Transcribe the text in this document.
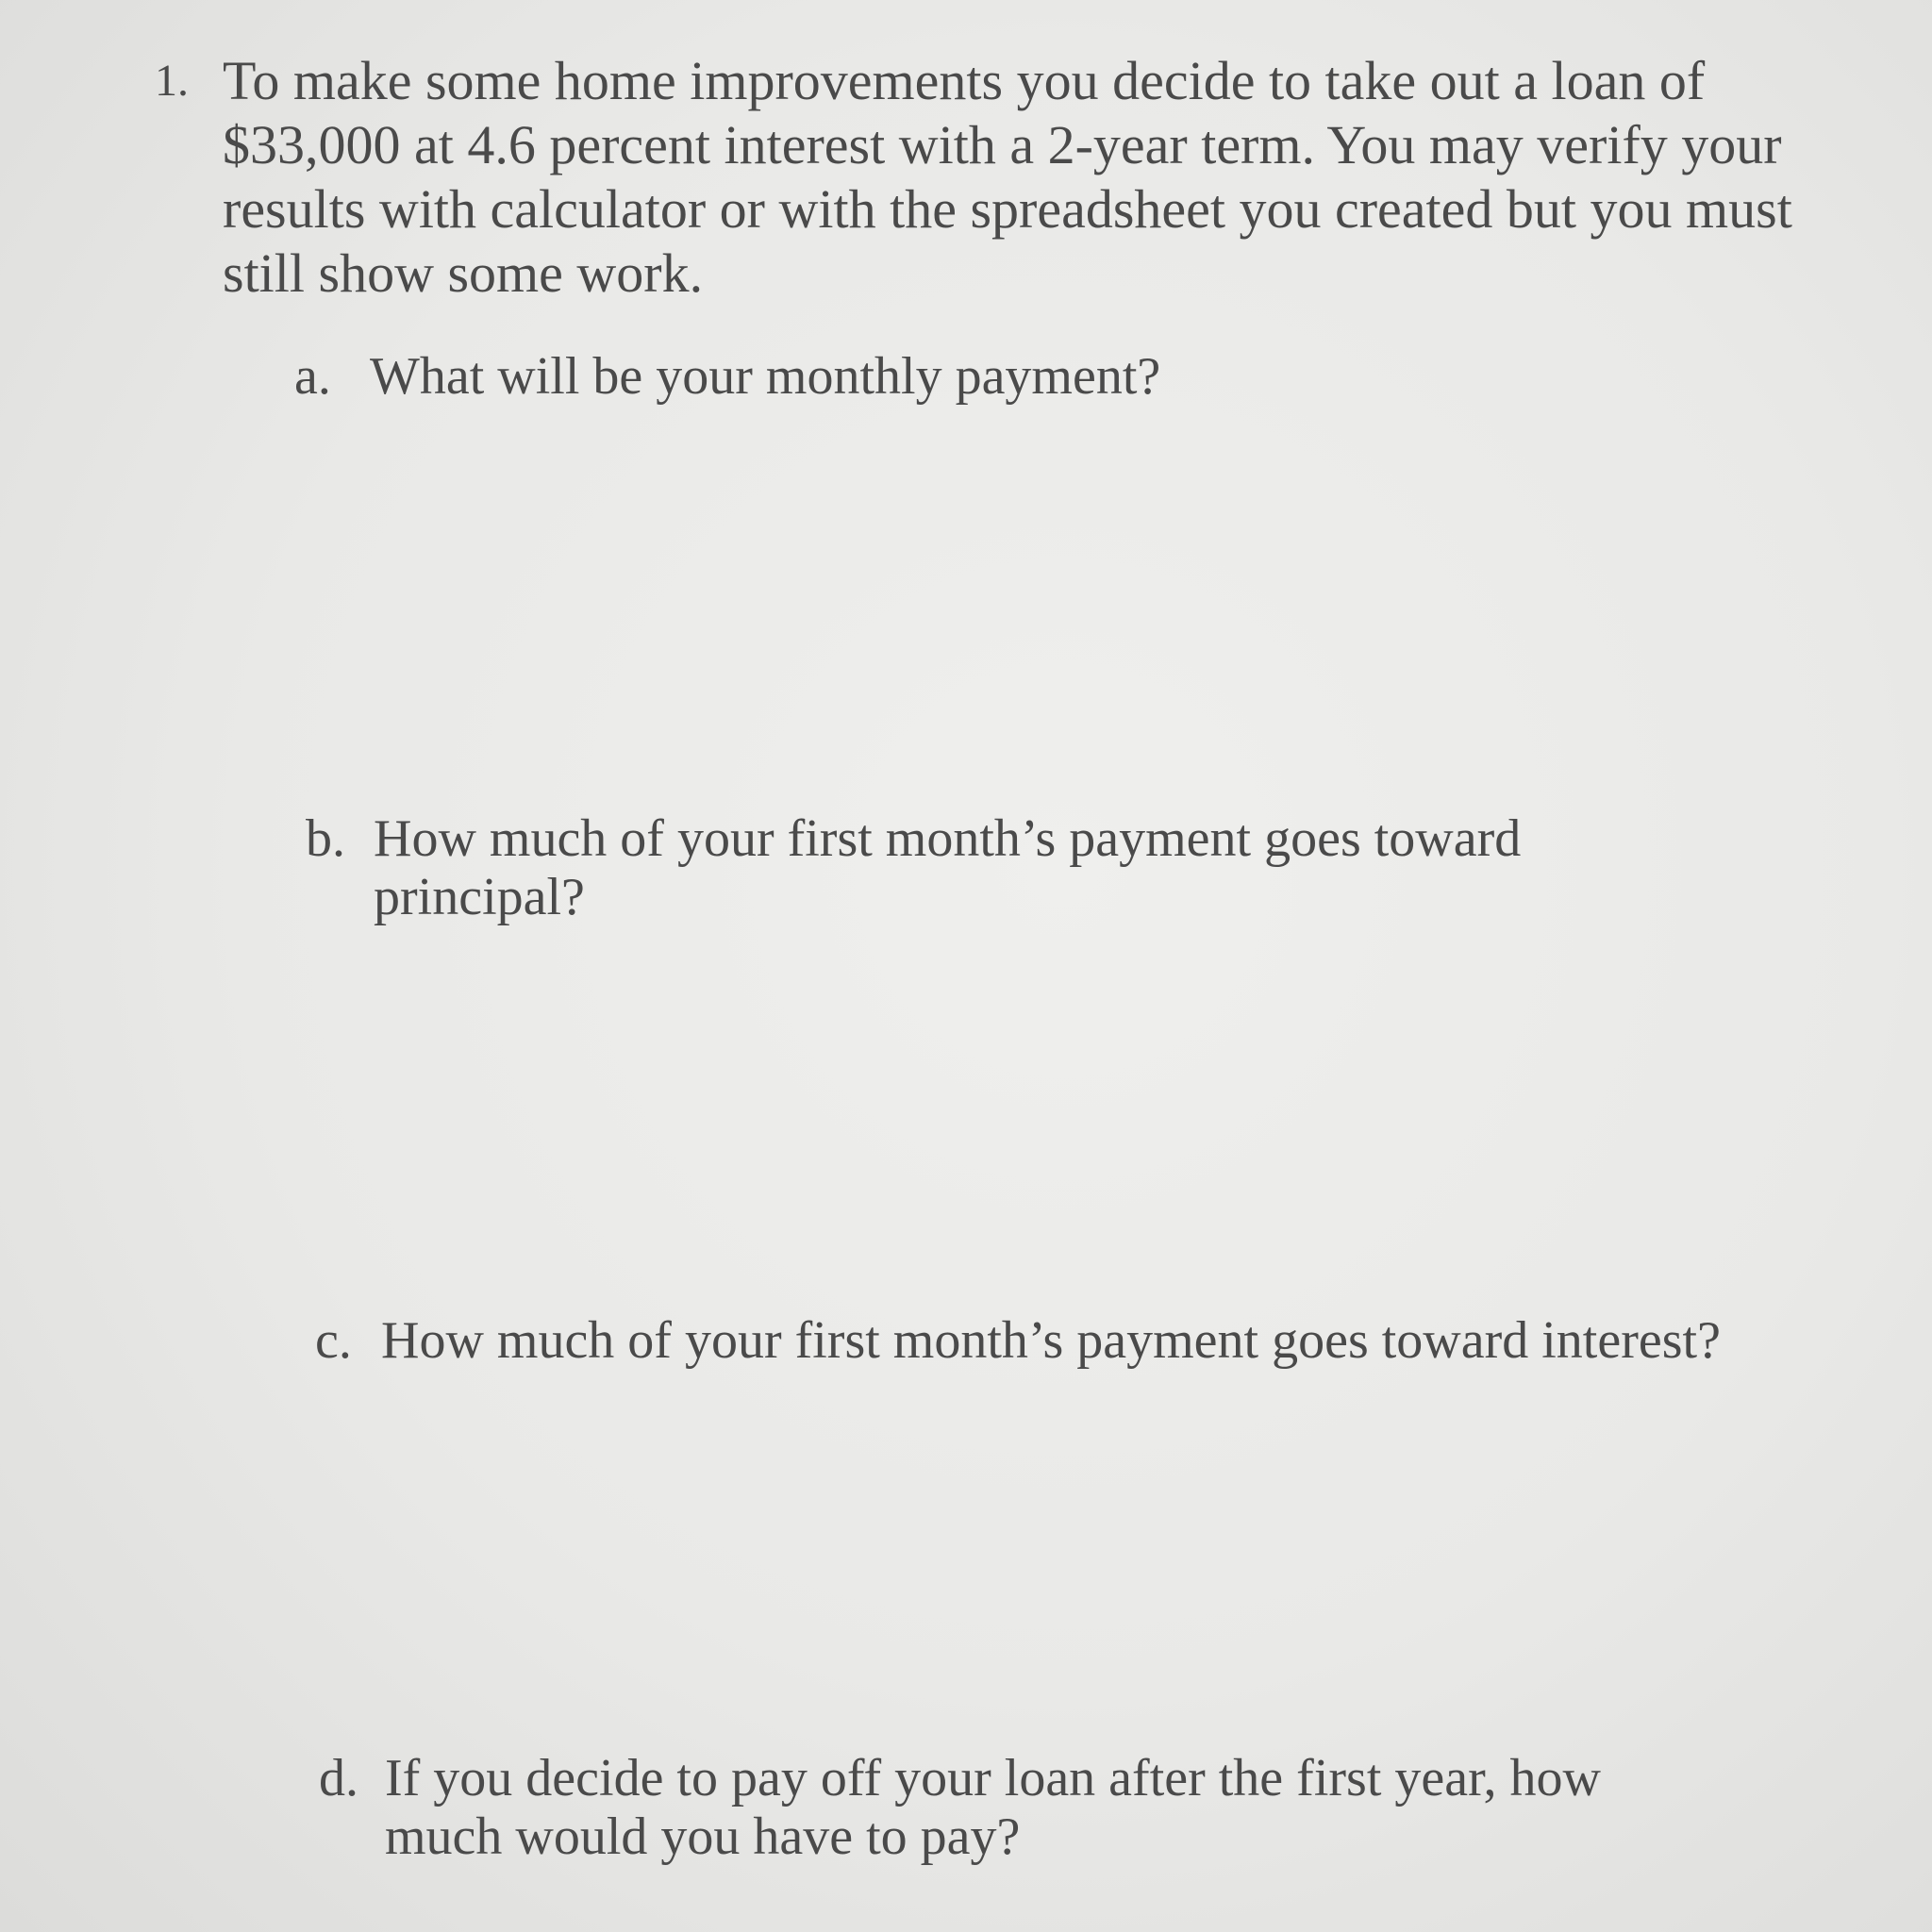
1. To make some home improvements you decide to take out a loan of $33,000 at 4.6 percent interest with a 2-year term. You may verify your results with calculator or with the spreadsheet you created but you must still show some work.
a. What will be your monthly payment?
b. How much of your first month’s payment goes toward principal?
c. How much of your first month’s payment goes toward interest?
d. If you decide to pay off your loan after the first year, how much would you have to pay?
